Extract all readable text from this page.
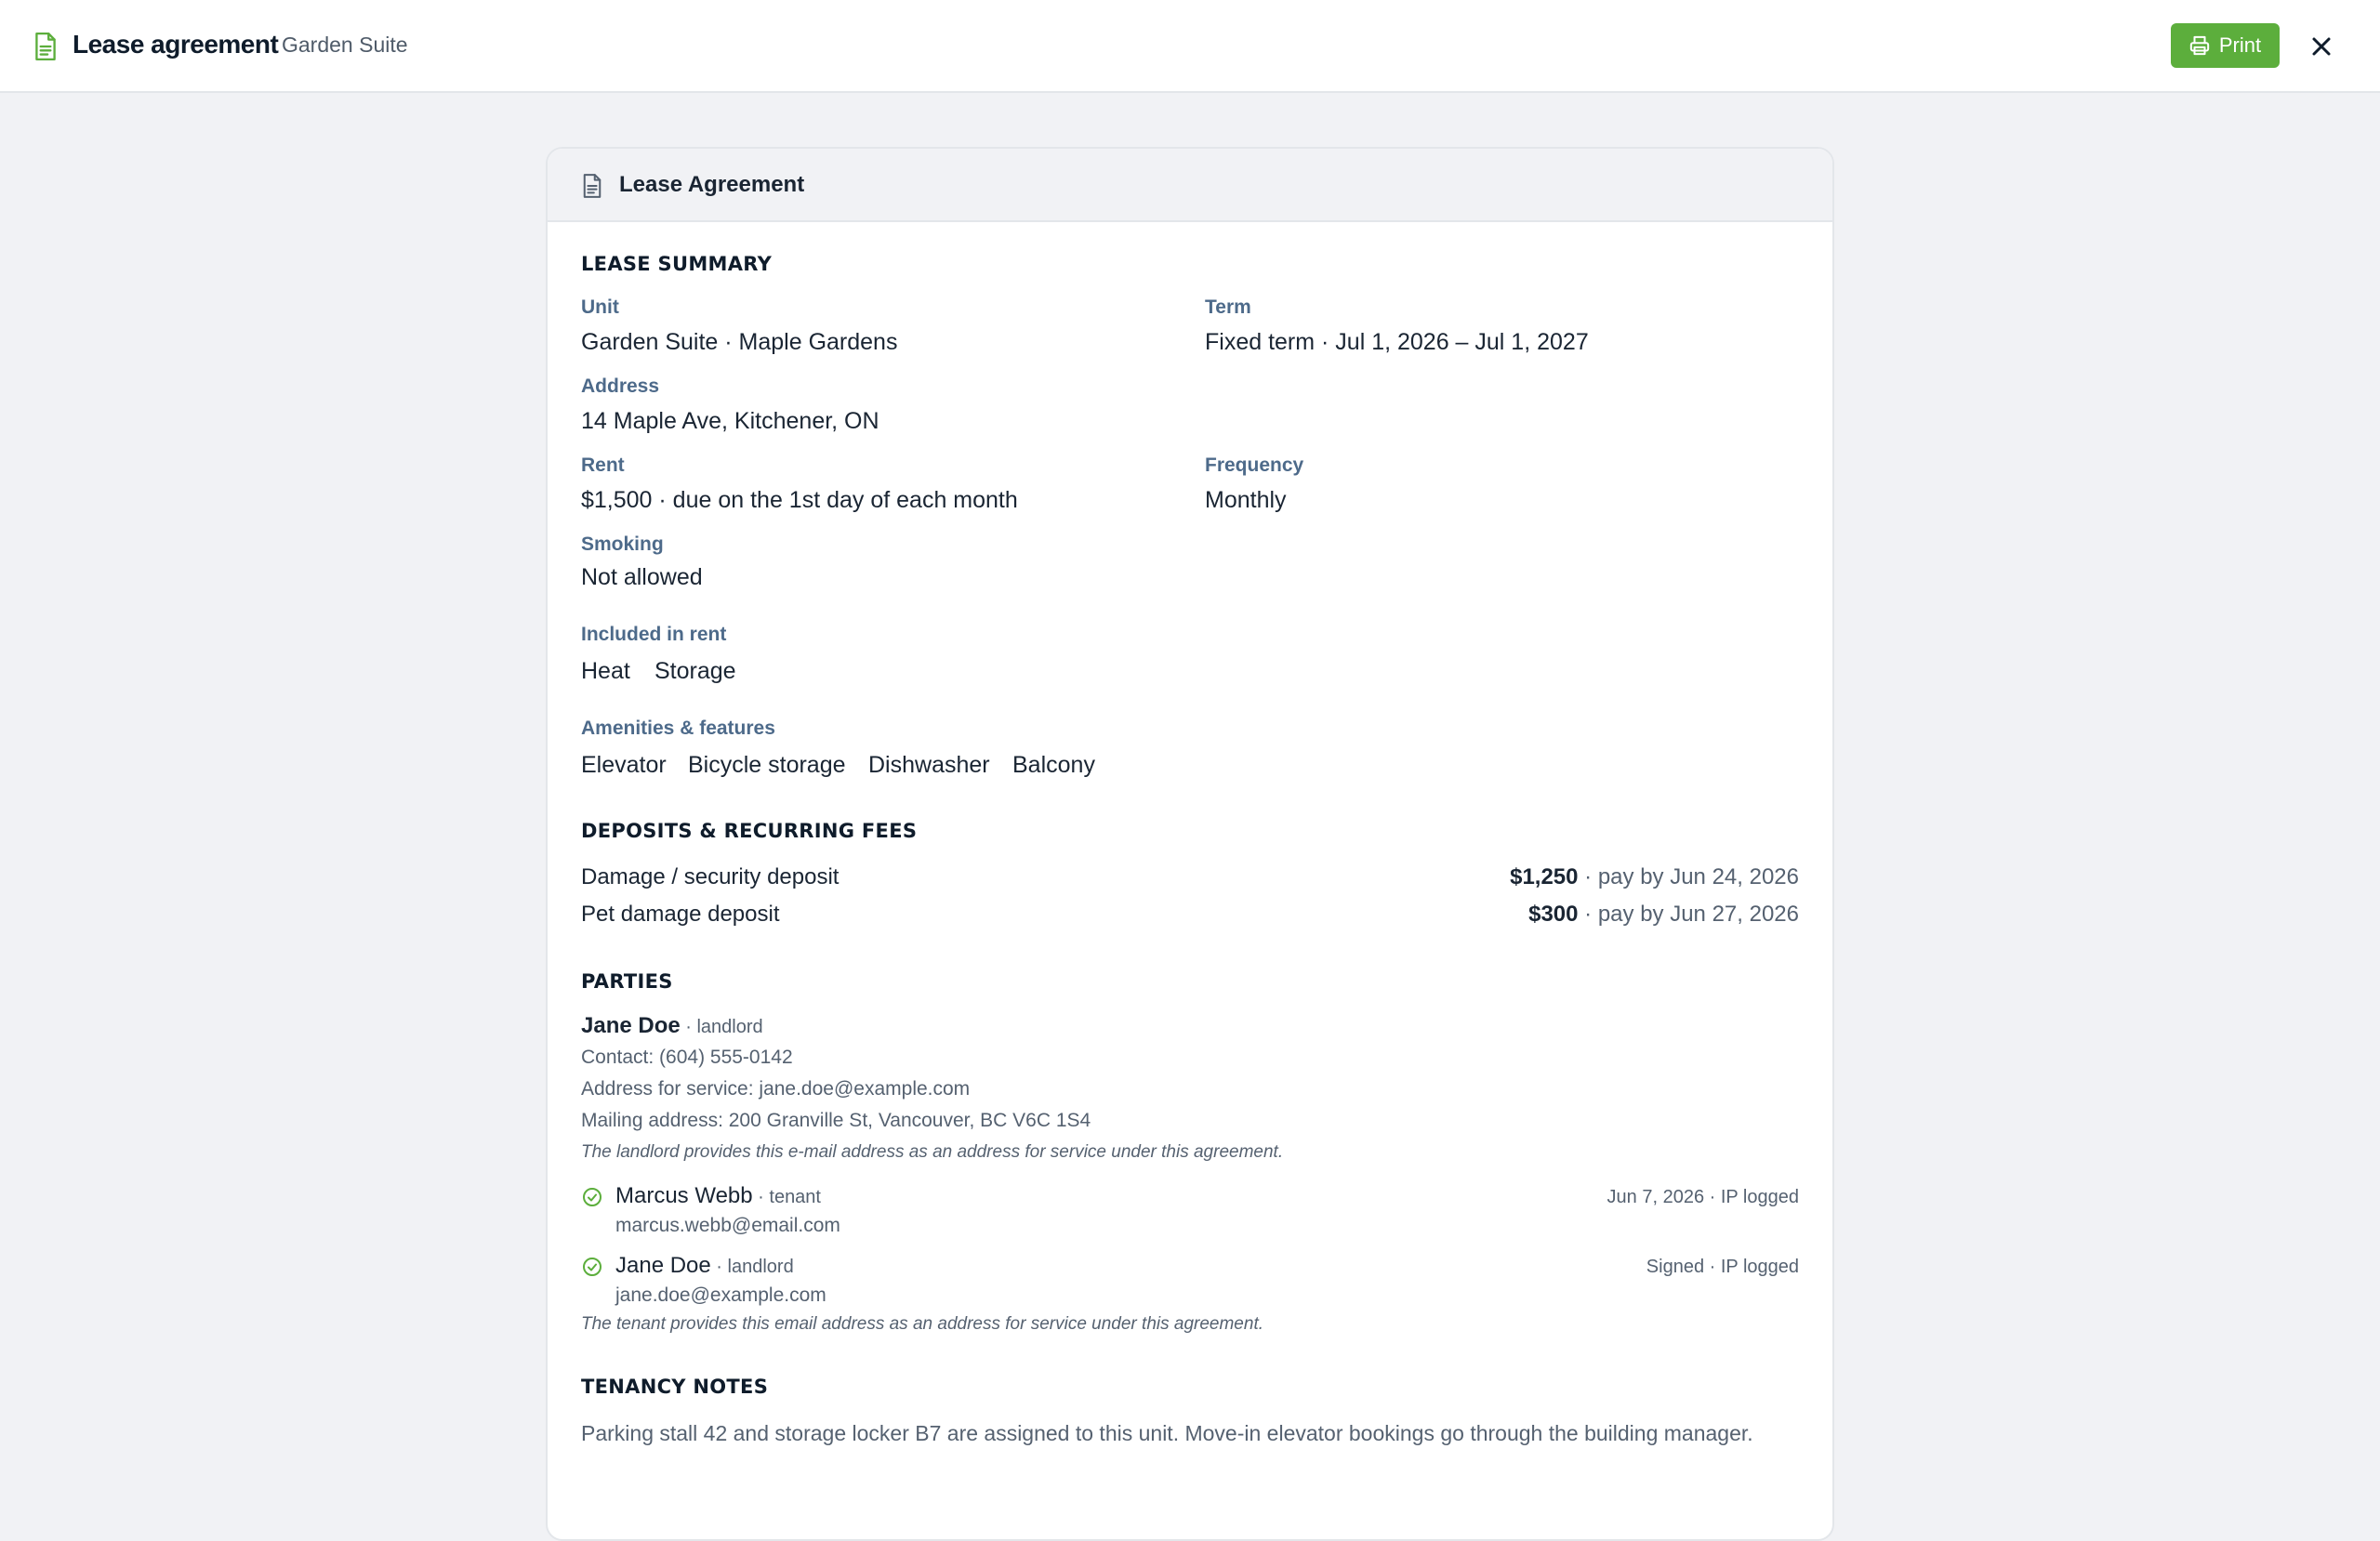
Lease agreement Garden Suite	Print
Lease Agreement
LEASE SUMMARY
Unit
Garden Suite · Maple Gardens
Term
Fixed term · Jul 1, 2026 – Jul 1, 2027
Address
14 Maple Ave, Kitchener, ON
Rent
$1,500 · due on the 1st day of each month
Frequency
Monthly
Smoking
Not allowed
Included in rent
Heat Storage
Amenities & features
Elevator Bicycle storage Dishwasher Balcony
DEPOSITS & RECURRING FEES
Damage / security deposit	$1,250 · pay by Jun 24, 2026
Pet damage deposit	$300 · pay by Jun 27, 2026
PARTIES
Jane Doe · landlord
Contact: (604) 555-0142
Address for service: jane.doe@example.com
Mailing address: 200 Granville St, Vancouver, BC V6C 1S4
The landlord provides this e-mail address as an address for service under this agreement.
Marcus Webb · tenant
marcus.webb@email.com
Jun 7, 2026 · IP logged
Jane Doe · landlord
jane.doe@example.com
Signed · IP logged
The tenant provides this email address as an address for service under this agreement.
TENANCY NOTES
Parking stall 42 and storage locker B7 are assigned to this unit. Move-in elevator bookings go through the building manager.
